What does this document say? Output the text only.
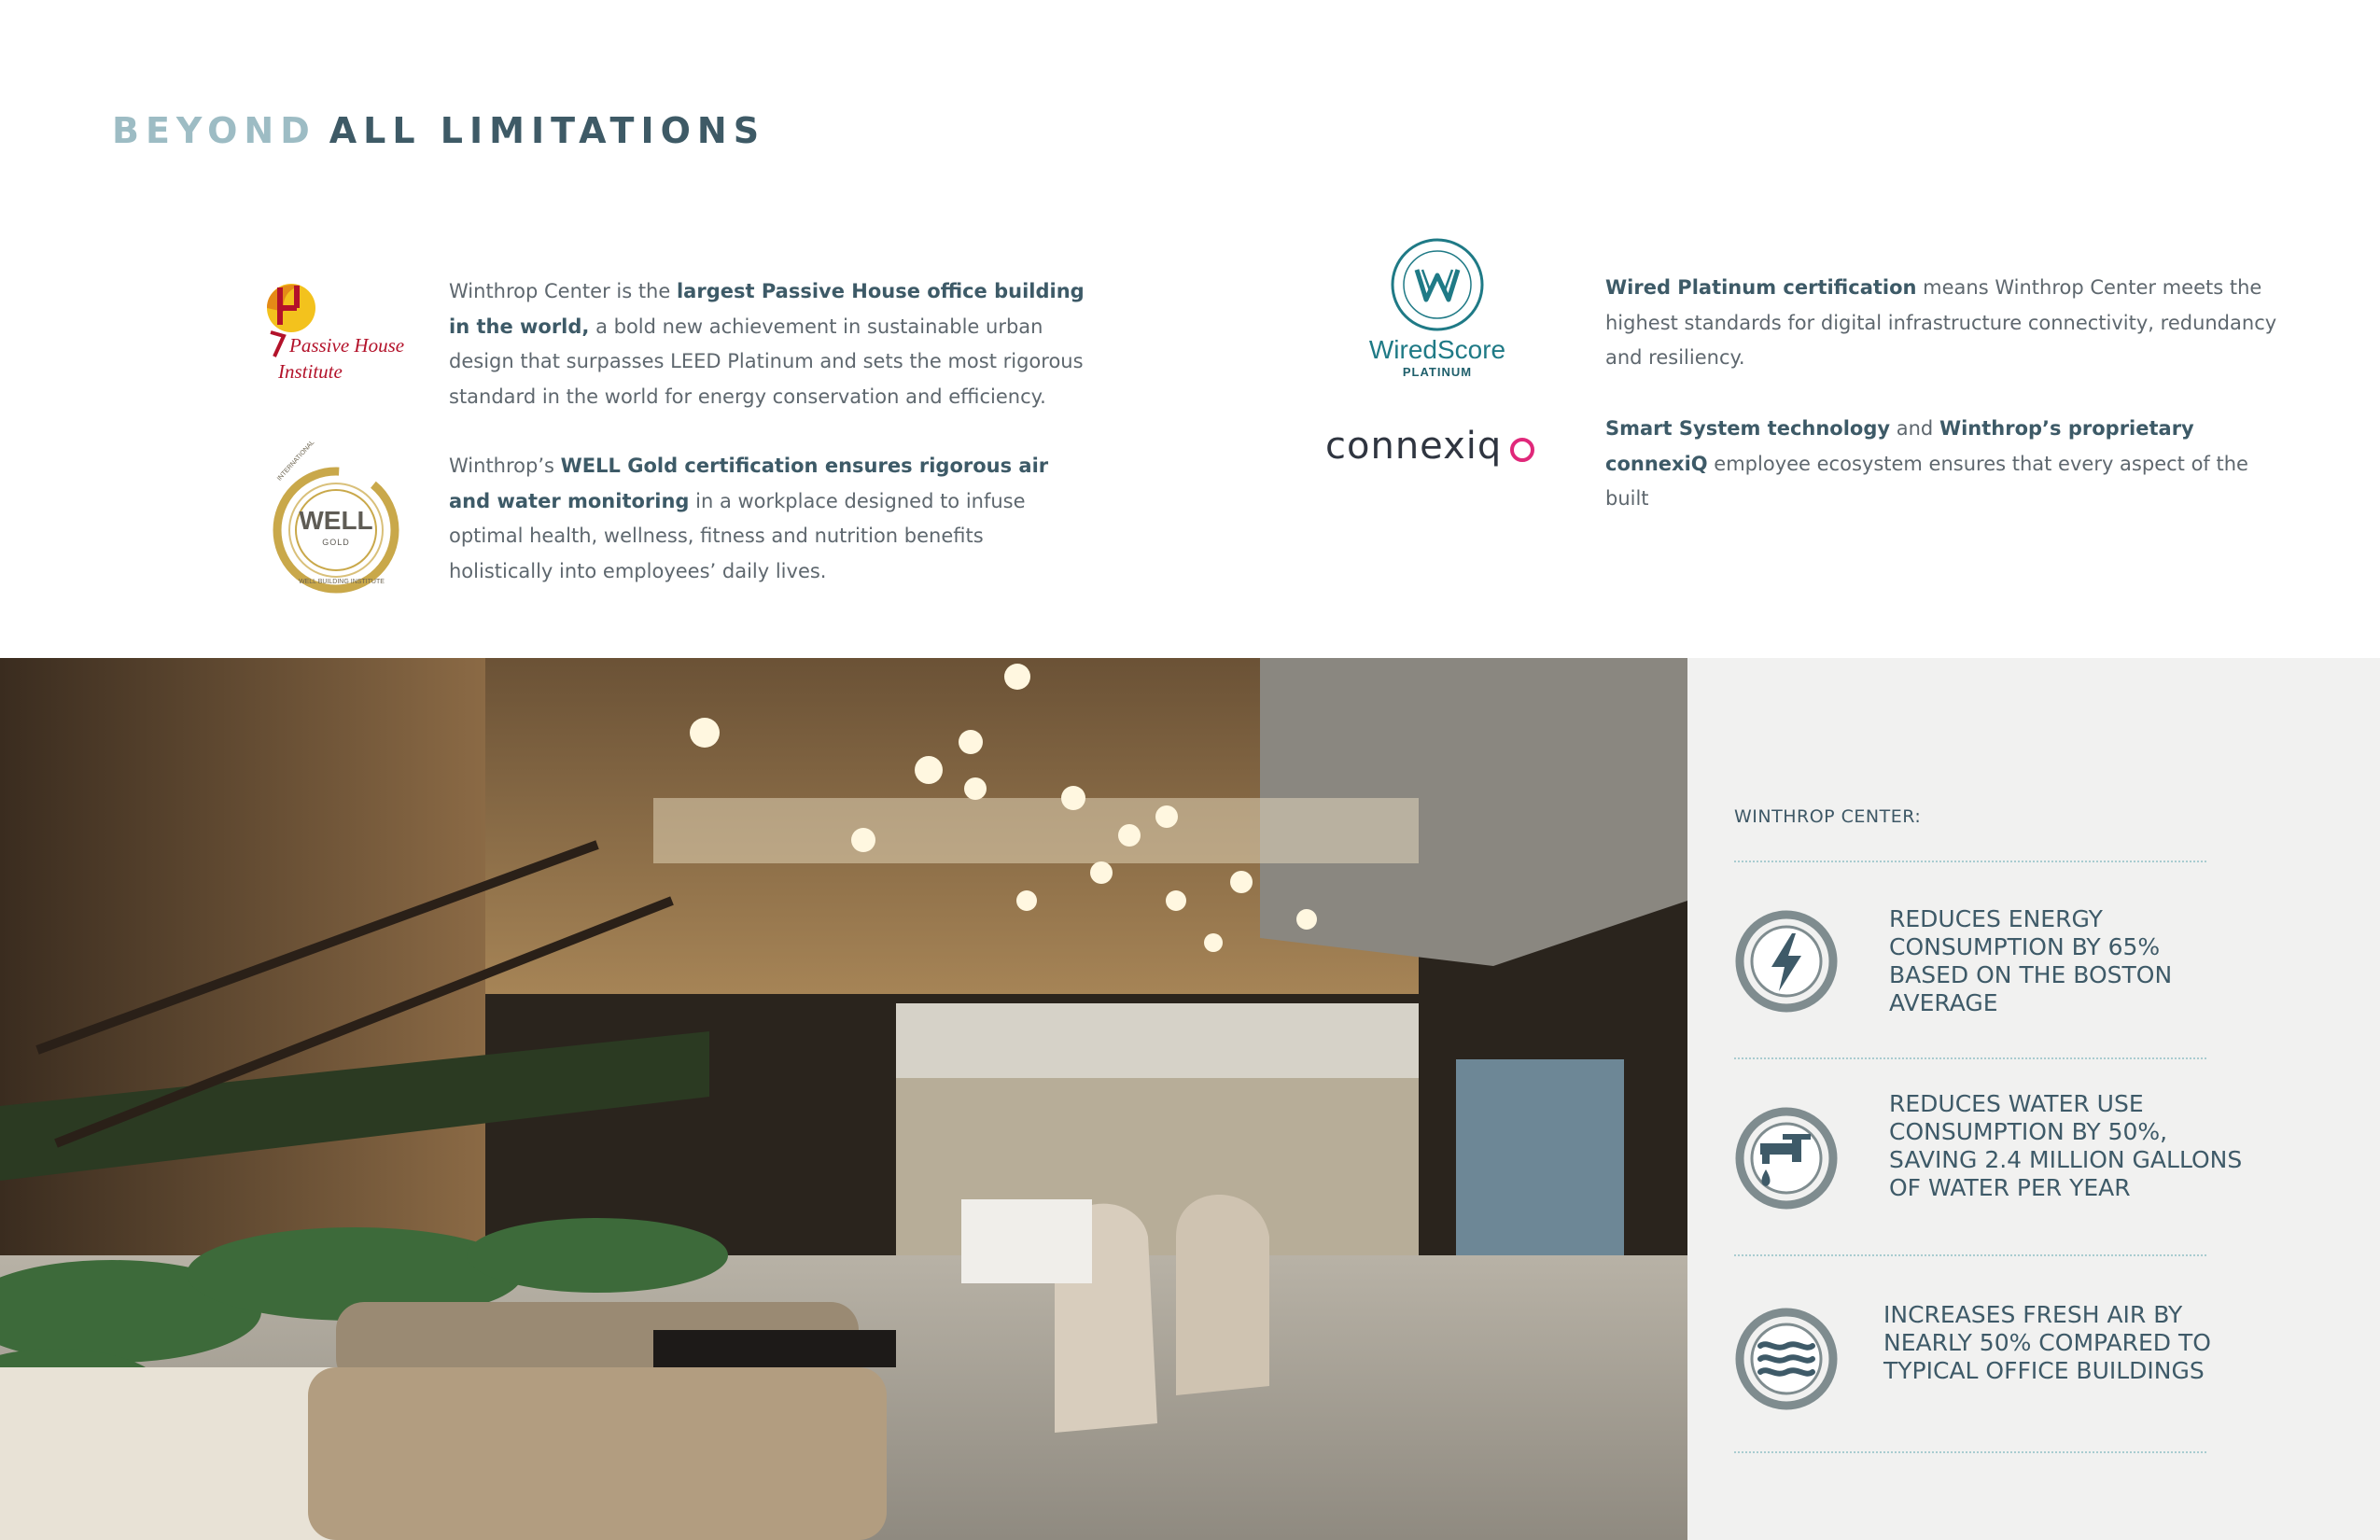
BEYOND ALL LIMITATIONS
Passive House
Institute
Winthrop Center is the largest Passive House office building in the world, a bold new achievement in sustainable urban design that surpasses LEED Platinum and sets the most rigorous standard in the world for energy conservation and efficiency.
WELL
GOLD
INTERNATIONAL
WELL BUILDING INSTITUTE
Winthrop’s WELL Gold certification ensures rigorous air and water monitoring in a workplace designed to infuse optimal health, wellness, fitness and nutrition benefits holistically into employees’ daily lives.
WiredScore
PLATINUM
Wired Platinum certification means Winthrop Center meets the highest standards for digital infrastructure connectivity, redundancy and resiliency.
connexiq	Smart System technology and Winthrop’s proprietary connexiQ employee ecosystem ensures that every aspect of the built
WINTHROP CENTER:
REDUCES ENERGY CONSUMPTION BY 65% BASED ON THE BOSTON AVERAGE
REDUCES WATER USE CONSUMPTION BY 50%, SAVING 2.4 MILLION GALLONS OF WATER PER YEAR
INCREASES FRESH AIR BY NEARLY 50% COMPARED TO TYPICAL OFFICE BUILDINGS
